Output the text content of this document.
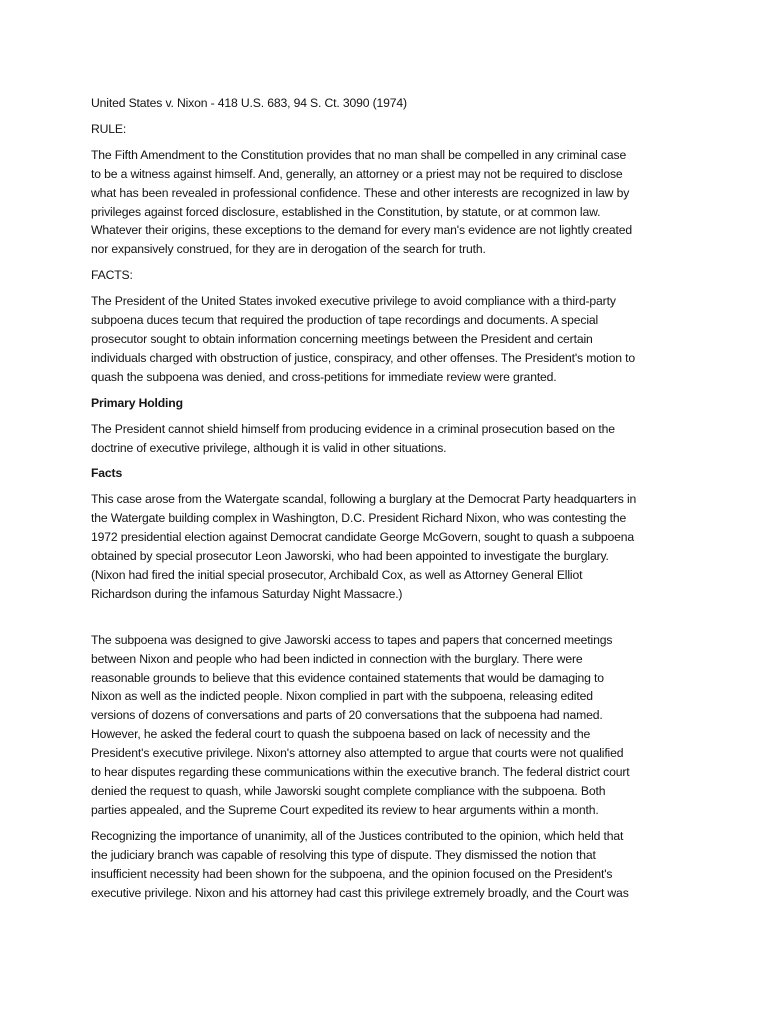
United States v. Nixon - 418 U.S. 683, 94 S. Ct. 3090 (1974)

RULE:

The Fifth Amendment to the Constitution provides that no man shall be compelled in any criminal case
to be a witness against himself. And, generally, an attorney or a priest may not be required to disclose
what has been revealed in professional confidence. These and other interests are recognized in law by
privileges against forced disclosure, established in the Constitution, by statute, or at common law.
Whatever their origins, these exceptions to the demand for every man's evidence are not lightly created
nor expansively construed, for they are in derogation of the search for truth.

FACTS:

The President of the United States invoked executive privilege to avoid compliance with a third-party
subpoena duces tecum that required the production of tape recordings and documents. A special
prosecutor sought to obtain information concerning meetings between the President and certain
individuals charged with obstruction of justice, conspiracy, and other offenses. The President's motion to
quash the subpoena was denied, and cross-petitions for immediate review were granted.

Primary Holding

The President cannot shield himself from producing evidence in a criminal prosecution based on the
doctrine of executive privilege, although it is valid in other situations.

Facts

This case arose from the Watergate scandal, following a burglary at the Democrat Party headquarters in
the Watergate building complex in Washington, D.C. President Richard Nixon, who was contesting the
1972 presidential election against Democrat candidate George McGovern, sought to quash a subpoena
obtained by special prosecutor Leon Jaworski, who had been appointed to investigate the burglary.
(Nixon had fired the initial special prosecutor, Archibald Cox, as well as Attorney General Elliot
Richardson during the infamous Saturday Night Massacre.)

The subpoena was designed to give Jaworski access to tapes and papers that concerned meetings
between Nixon and people who had been indicted in connection with the burglary. There were
reasonable grounds to believe that this evidence contained statements that would be damaging to
Nixon as well as the indicted people. Nixon complied in part with the subpoena, releasing edited
versions of dozens of conversations and parts of 20 conversations that the subpoena had named.
However, he asked the federal court to quash the subpoena based on lack of necessity and the
President's executive privilege. Nixon's attorney also attempted to argue that courts were not qualified
to hear disputes regarding these communications within the executive branch. The federal district court
denied the request to quash, while Jaworski sought complete compliance with the subpoena. Both
parties appealed, and the Supreme Court expedited its review to hear arguments within a month.

Recognizing the importance of unanimity, all of the Justices contributed to the opinion, which held that
the judiciary branch was capable of resolving this type of dispute. They dismissed the notion that
insufficient necessity had been shown for the subpoena, and the opinion focused on the President's
executive privilege. Nixon and his attorney had cast this privilege extremely broadly, and the Court was
